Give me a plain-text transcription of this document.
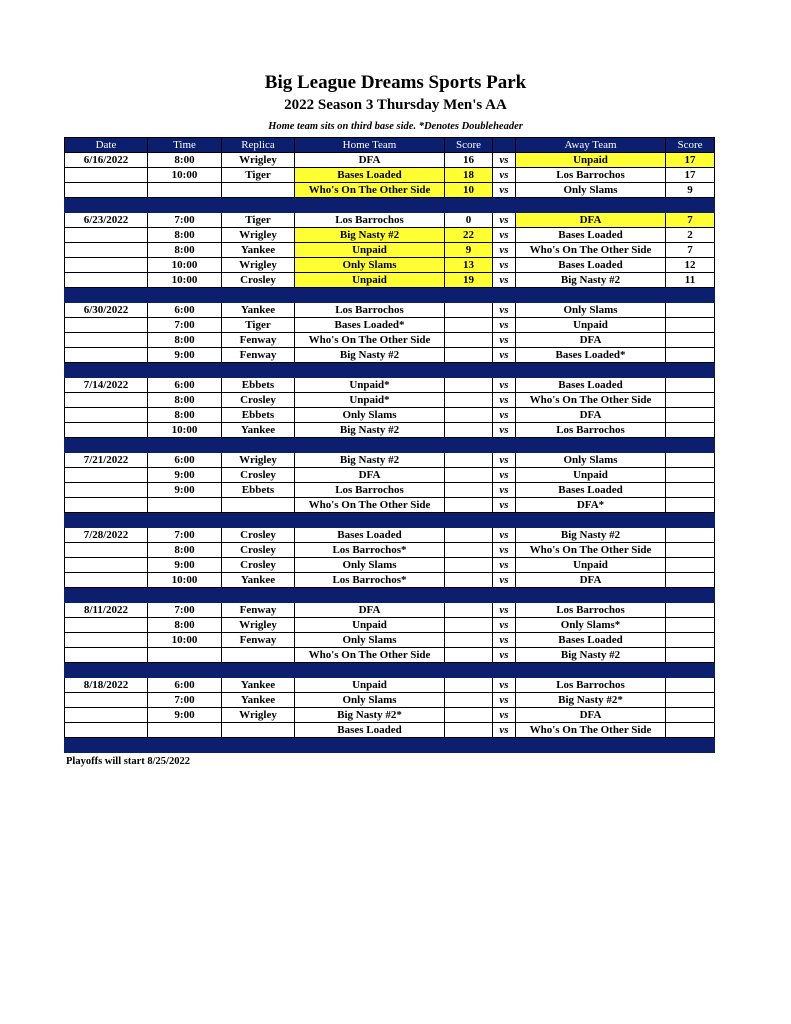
Big League Dreams Sports Park
2022 Season 3 Thursday Men's AA
Home team sits on third base side. *Denotes Doubleheader
Date	Time	Replica	Home Team	Score		Away Team	Score
6/16/2022	8:00	Wrigley	DFA	16	vs	Unpaid	17
	10:00	Tiger	Bases Loaded	18	vs	Los Barrochos	17
			Who's On The Other Side	10	vs	Only Slams	9

6/23/2022	7:00	Tiger	Los Barrochos	0	vs	DFA	7
	8:00	Wrigley	Big Nasty #2	22	vs	Bases Loaded	2
	8:00	Yankee	Unpaid	9	vs	Who's On The Other Side	7
	10:00	Wrigley	Only Slams	13	vs	Bases Loaded	12
	10:00	Crosley	Unpaid	19	vs	Big Nasty #2	11

6/30/2022	6:00	Yankee	Los Barrochos		vs	Only Slams	
	7:00	Tiger	Bases Loaded*		vs	Unpaid	
	8:00	Fenway	Who's On The Other Side		vs	DFA	
	9:00	Fenway	Big Nasty #2		vs	Bases Loaded*	

7/14/2022	6:00	Ebbets	Unpaid*		vs	Bases Loaded	
	8:00	Crosley	Unpaid*		vs	Who's On The Other Side	
	8:00	Ebbets	Only Slams		vs	DFA	
	10:00	Yankee	Big Nasty #2		vs	Los Barrochos	

7/21/2022	6:00	Wrigley	Big Nasty #2		vs	Only Slams	
	9:00	Crosley	DFA		vs	Unpaid	
	9:00	Ebbets	Los Barrochos		vs	Bases Loaded	
			Who's On The Other Side		vs	DFA*	

7/28/2022	7:00	Crosley	Bases Loaded		vs	Big Nasty #2	
	8:00	Crosley	Los Barrochos*		vs	Who's On The Other Side	
	9:00	Crosley	Only Slams		vs	Unpaid	
	10:00	Yankee	Los Barrochos*		vs	DFA	

8/11/2022	7:00	Fenway	DFA		vs	Los Barrochos	
	8:00	Wrigley	Unpaid		vs	Only Slams*	
	10:00	Fenway	Only Slams		vs	Bases Loaded	
			Who's On The Other Side		vs	Big Nasty #2	

8/18/2022	6:00	Yankee	Unpaid		vs	Los Barrochos	
	7:00	Yankee	Only Slams		vs	Big Nasty #2*	
	9:00	Wrigley	Big Nasty #2*		vs	DFA	
			Bases Loaded		vs	Who's On The Other Side	

Playoffs will start 8/25/2022
